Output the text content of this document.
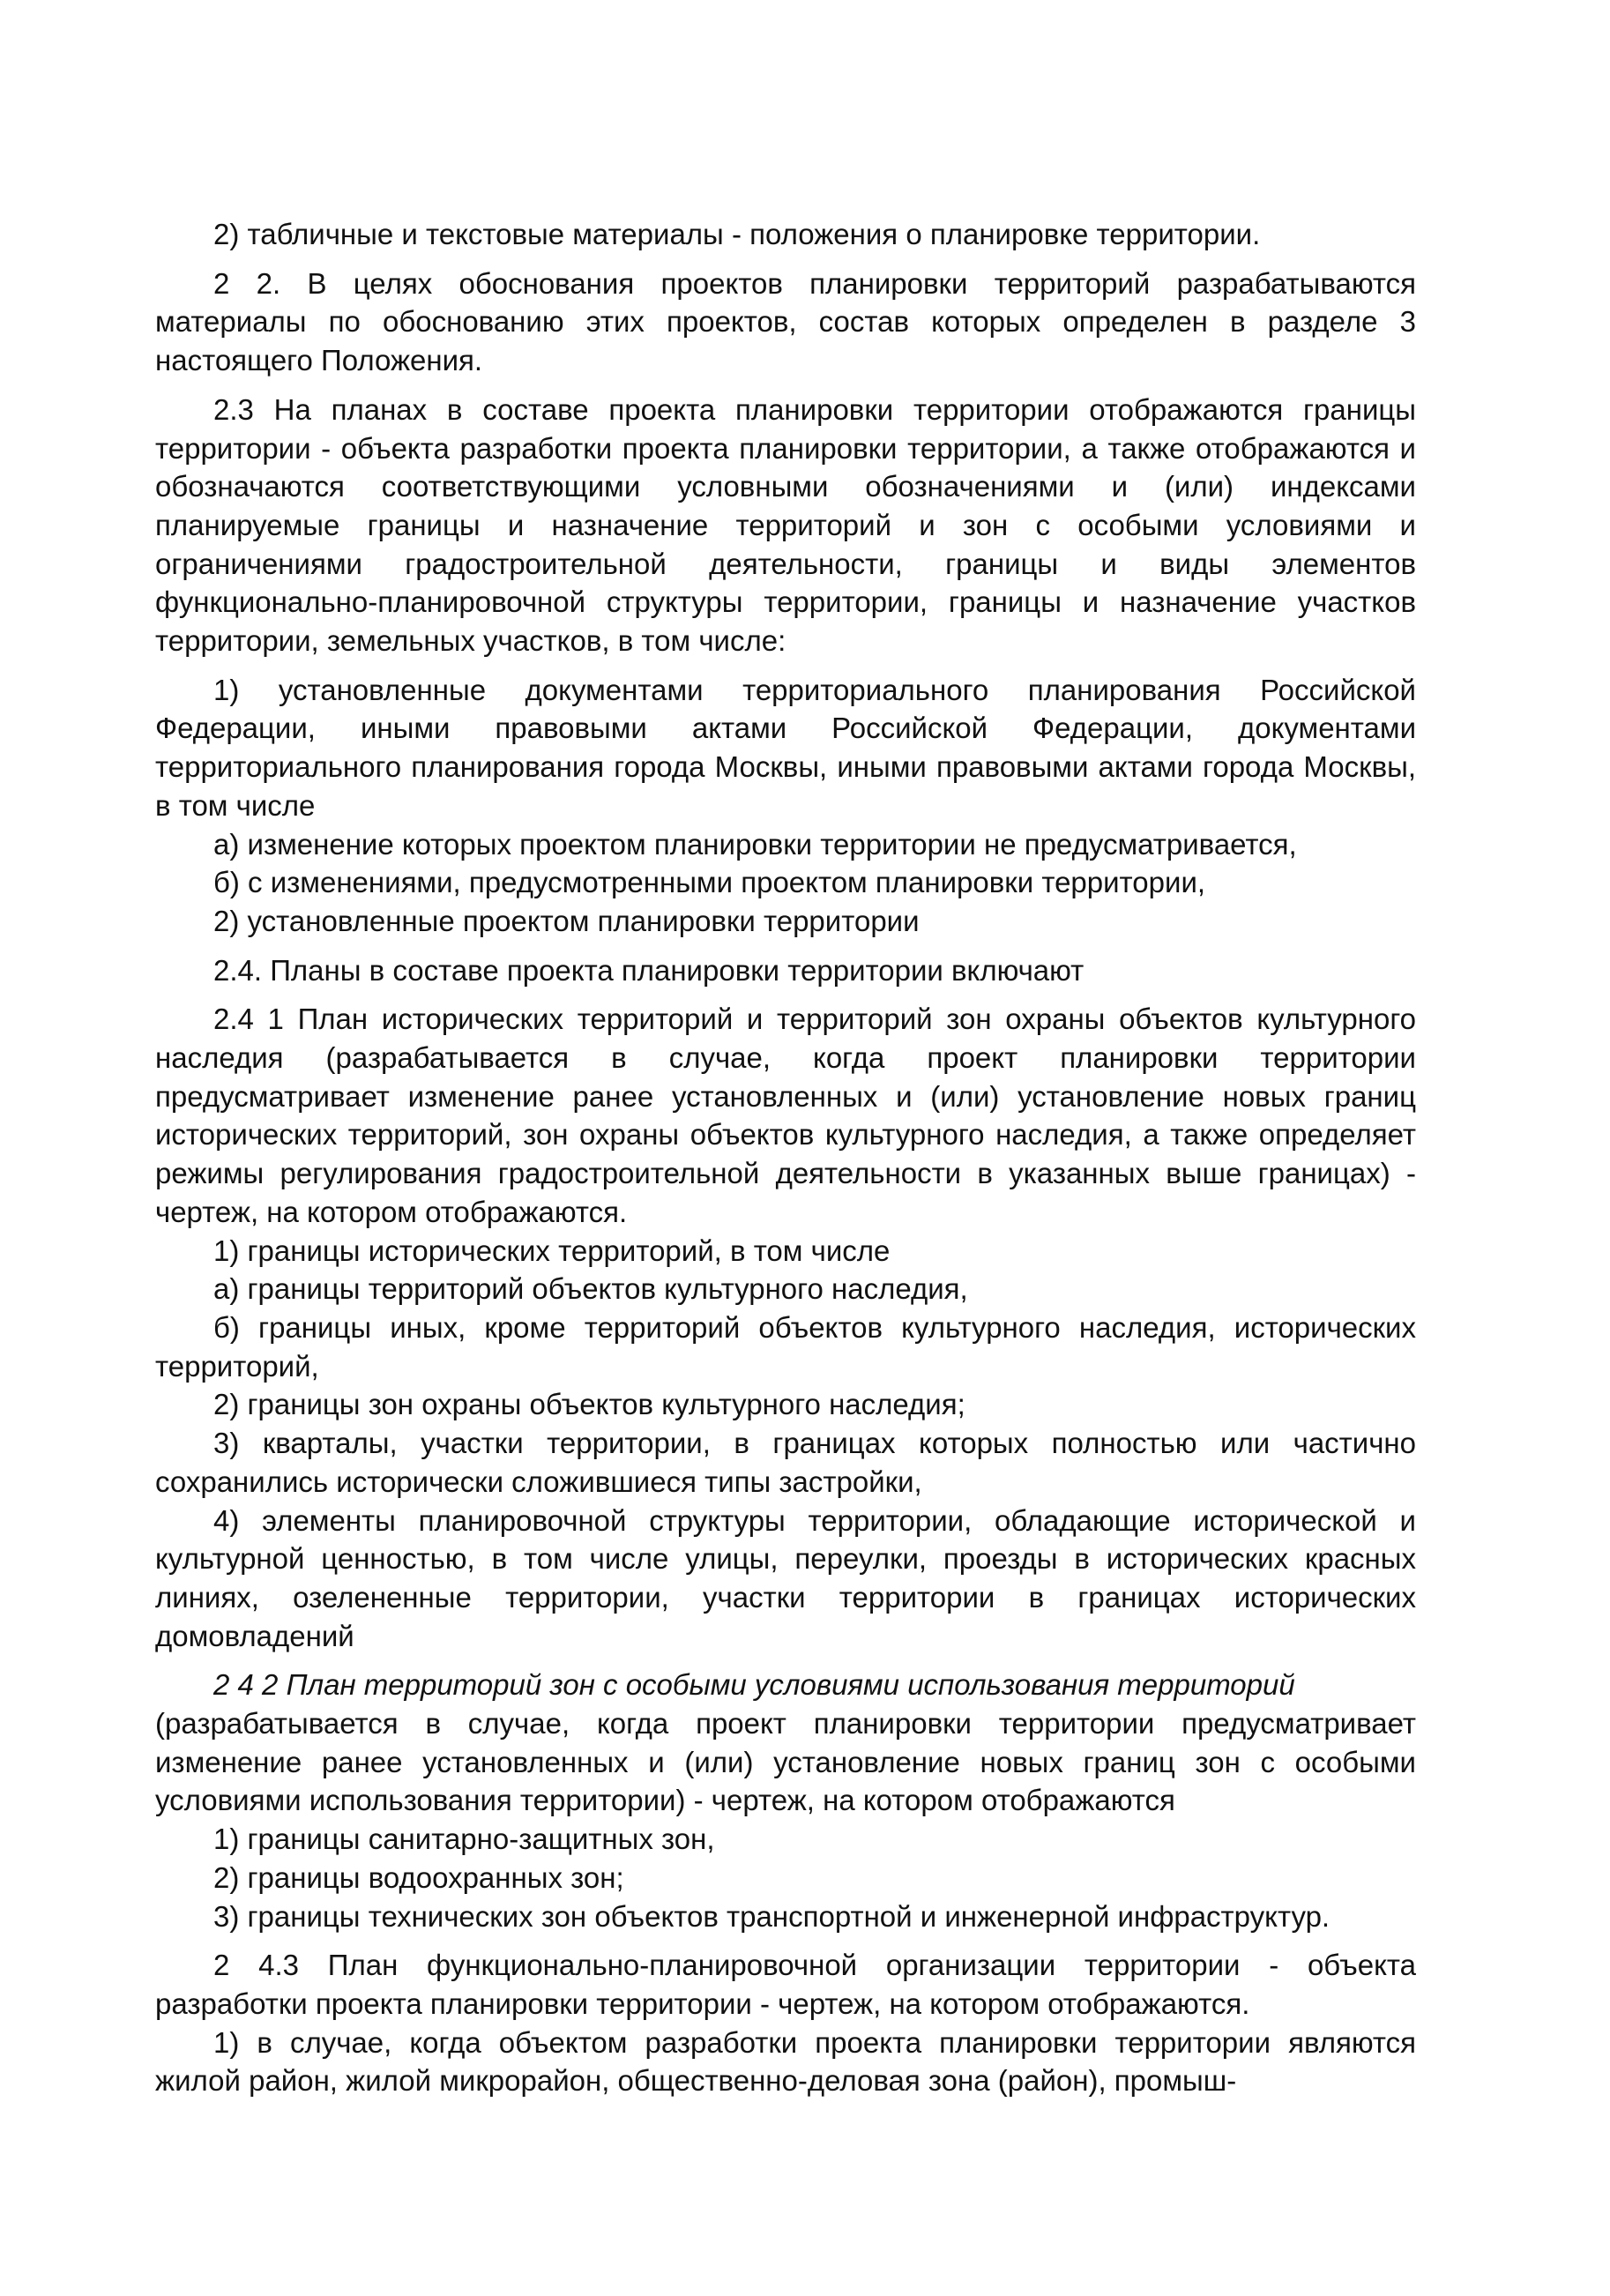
2) табличные и текстовые материалы - положения о планировке территории.

2 2. В целях обоснования проектов планировки территорий разрабатываются материалы по обоснованию этих проектов, состав которых определен в разделе 3 настоящего Положения.

2.3 На планах в составе проекта планировки территории отображаются границы территории - объекта разработки проекта планировки территории, а также отображаются и обозначаются соответствующими условными обозначениями и (или) индексами планируемые границы и назначение территорий и зон с особыми условиями и ограничениями градостроительной деятельности, границы и виды элементов функционально-планировочной структуры территории, границы и назначение участков территории, земельных участков, в том числе:

1) установленные документами территориального планирования Российской Федерации, иными правовыми актами Российской Федерации, документами территориального планирования города Москвы, иными правовыми актами города Москвы, в том числе

а) изменение которых проектом планировки территории не предусматривается,

б) с изменениями, предусмотренными проектом планировки территории,

2) установленные проектом планировки территории

2.4. Планы в составе проекта планировки территории включают

2.4 1 План исторических территорий и территорий зон охраны объектов культурного наследия (разрабатывается в случае, когда проект планировки территории предусматривает изменение ранее установленных и (или) установление новых границ исторических территорий, зон охраны объектов культурного наследия, а также определяет режимы регулирования градостроительной деятельности в указанных выше границах) - чертеж, на котором отображаются.

1) границы исторических территорий, в том числе

а) границы территорий объектов культурного наследия,

б) границы иных, кроме территорий объектов культурного наследия, исторических территорий,

2) границы зон охраны объектов культурного наследия;

3) кварталы, участки территории, в границах которых полностью или частично сохранились исторически сложившиеся типы застройки,

4) элементы планировочной структуры территории, обладающие исторической и культурной ценностью, в том числе улицы, переулки, проезды в исторических красных линиях, озелененные территории, участки территории в границах исторических домовладений

2 4 2 План территорий зон с особыми условиями использования территорий

(разрабатывается в случае, когда проект планировки территории предусматривает изменение ранее установленных и (или) установление новых границ зон с особыми условиями использования территории) - чертеж, на котором отображаются

1) границы санитарно-защитных зон,

2) границы водоохранных зон;

3) границы технических зон объектов транспортной и инженерной инфраструктур.

2 4.3 План функционально-планировочной организации территории - объекта разработки проекта планировки территории - чертеж, на котором отображаются.

1) в случае, когда объектом разработки проекта планировки территории являются жилой район, жилой микрорайон, общественно-деловая зона (район), промыш-
